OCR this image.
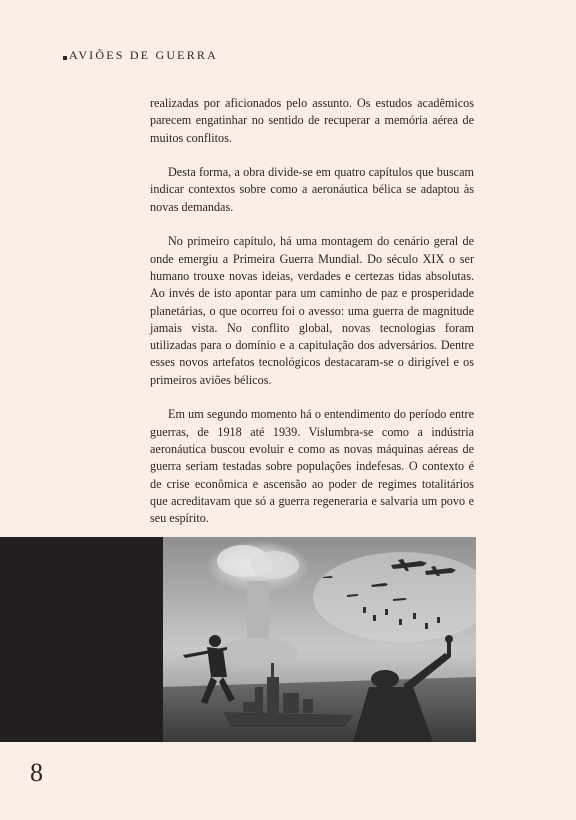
AVIÕES DE GUERRA

realizadas por aficionados pelo assunto. Os estudos acadêmicos parecem engatinhar no sentido de recuperar a memória aérea de muitos conflitos.

Desta forma, a obra divide-se em quatro capítulos que buscam indicar contextos sobre como a aeronáutica bélica se adaptou às novas demandas.

No primeiro capítulo, há uma montagem do cenário geral de onde emergiu a Primeira Guerra Mundial. Do século XIX o ser humano trouxe novas ideias, verdades e certezas tidas absolutas. Ao invés de isto apontar para um caminho de paz e prosperidade planetárias, o que ocorreu foi o avesso: uma guerra de magnitude jamais vista. No conflito global, novas tecnologias foram utilizadas para o domínio e a capitulação dos adversários. Dentre esses novos artefatos tecnológicos destacaram-se o dirigível e os primeiros aviões bélicos.

Em um segundo momento há o entendimento do período entre guerras, de 1918 até 1939. Vislumbra-se como a indústria aeronáutica buscou evoluir e como as novas máquinas aéreas de guerra seriam testadas sobre populações indefesas. O contexto é de crise econômica e ascensão ao poder de regimes totalitários que acreditavam que só a guerra regeneraria e salvaria um povo e seu espírito.

8
